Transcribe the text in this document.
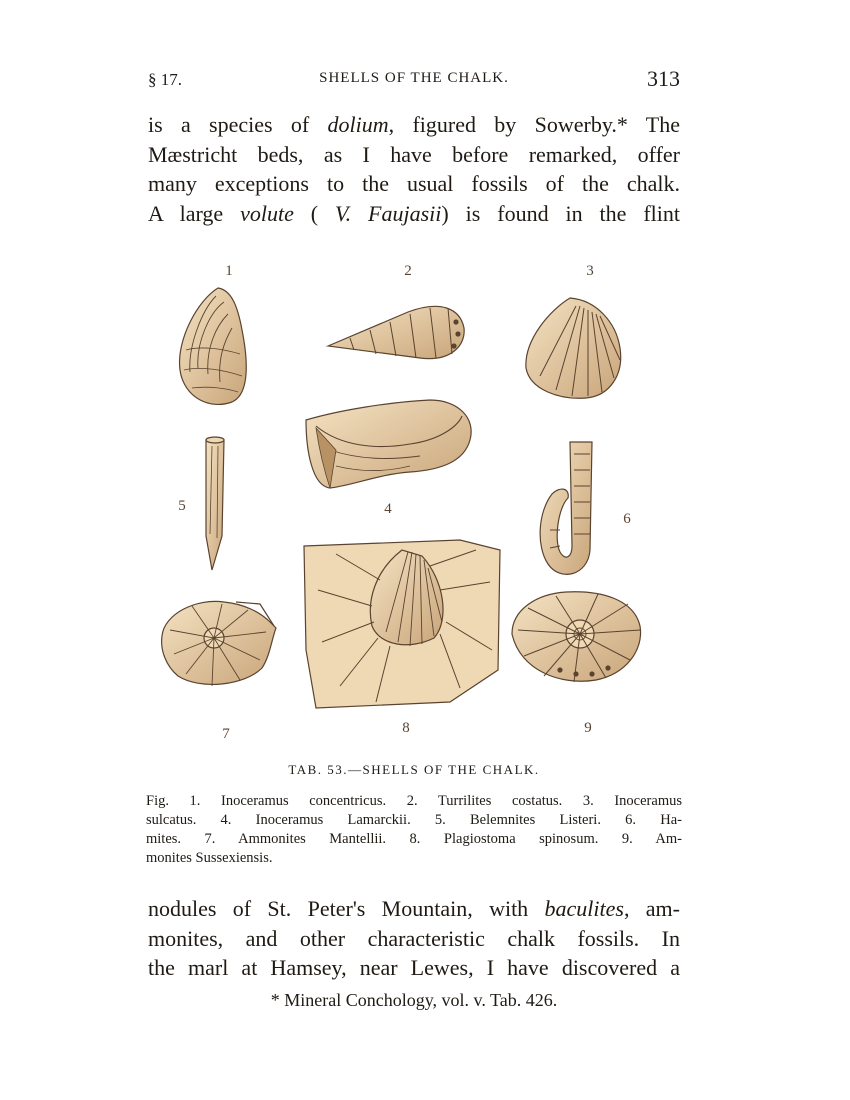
§ 17.	SHELLS OF THE CHALK.	313
is a species of dolium, figured by Sowerby.* The
Mæstricht beds, as I have before remarked, offer
many exceptions to the usual fossils of the chalk.
A large volute ( V. Faujasii) is found in the flint
1	2	3
4
5
6
7	8	9
TAB. 53.—SHELLS OF THE CHALK.
Fig. 1. Inoceramus concentricus. 2. Turrilites costatus. 3. Inoceramus
sulcatus. 4. Inoceramus Lamarckii. 5. Belemnites Listeri. 6. Ha-
mites. 7. Ammonites Mantellii. 8. Plagiostoma spinosum. 9. Am-
monites Sussexiensis.
nodules of St. Peter's Mountain, with baculites, am-
monites, and other characteristic chalk fossils. In
the marl at Hamsey, near Lewes, I have discovered a
* Mineral Conchology, vol. v. Tab. 426.
